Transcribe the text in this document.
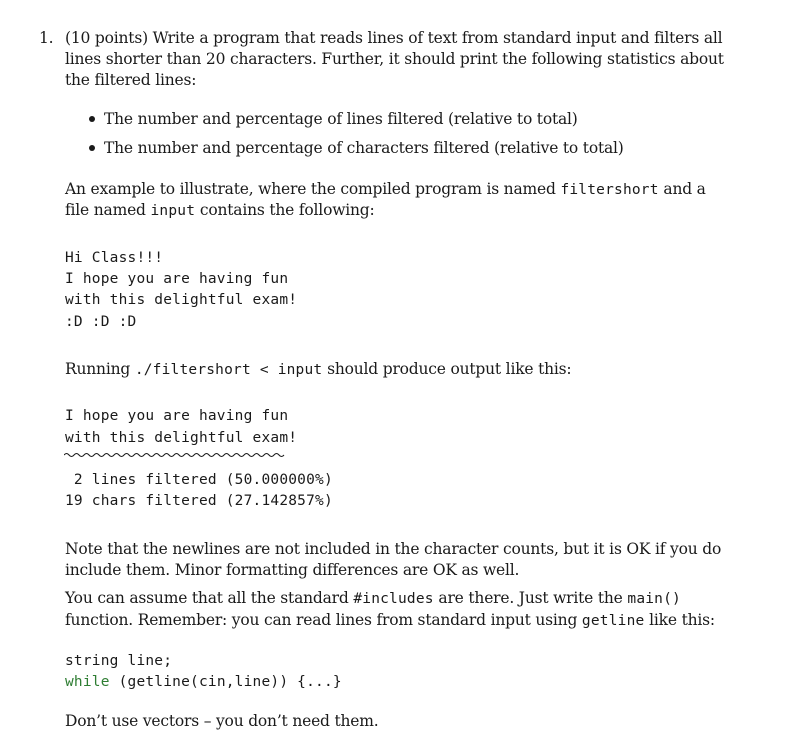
1. (10 points) Write a program that reads lines of text from standard input and filters all
lines shorter than 20 characters. Further, it should print the following statistics about
the filtered lines:
The number and percentage of lines filtered (relative to total)
The number and percentage of characters filtered (relative to total)
An example to illustrate, where the compiled program is named filtershort and a
file named input contains the following:
Hi Class!!!
I hope you are having fun
with this delightful exam!
:D :D :D
Running ./filtershort < input should produce output like this:
I hope you are having fun
with this delightful exam!
2 lines filtered (50.000000%)
19 chars filtered (27.142857%)
Note that the newlines are not included in the character counts, but it is OK if you do
include them. Minor formatting differences are OK as well.
You can assume that all the standard #includes are there. Just write the main()
function. Remember: you can read lines from standard input using getline like this:
string line;
while (getline(cin,line)) {...}
Don’t use vectors – you don’t need them.
